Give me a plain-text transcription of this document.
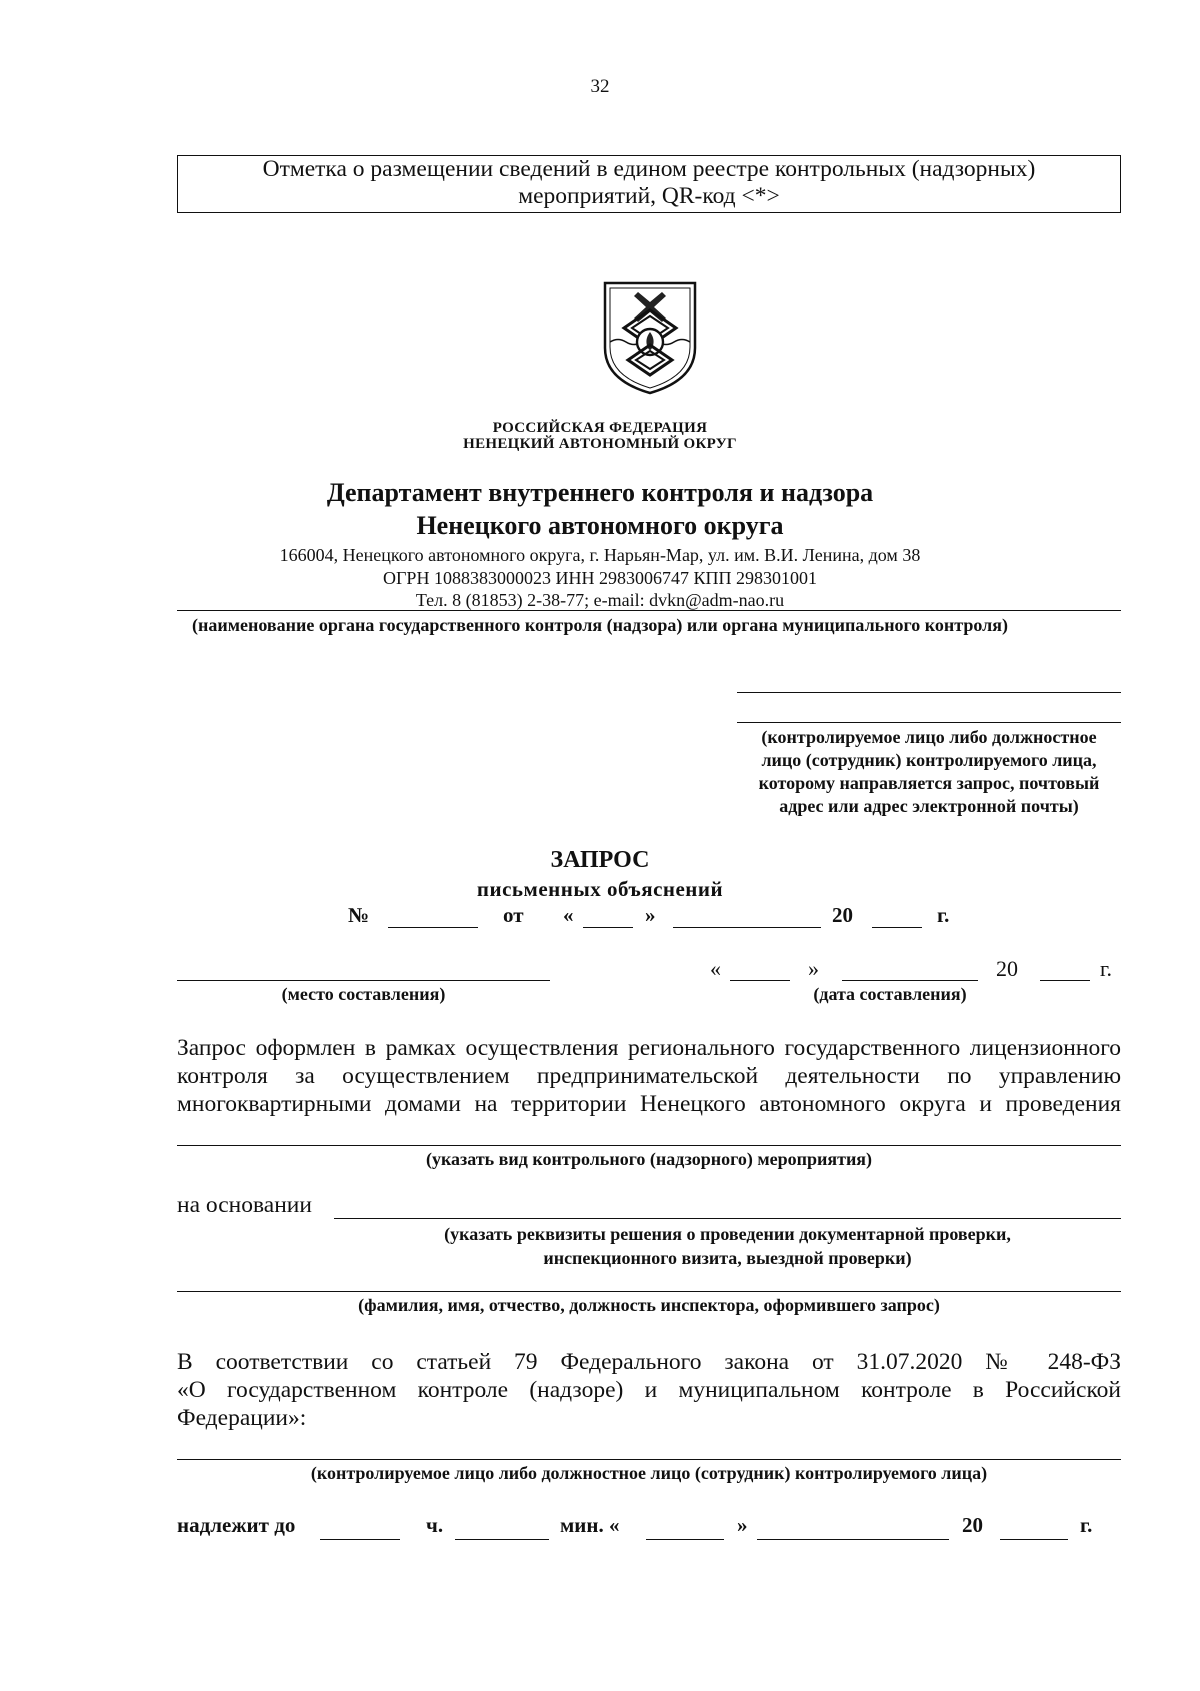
32
Отметка о размещении сведений в едином реестре контрольных (надзорных)
мероприятий, QR-код <*>
РОССИЙСКАЯ ФЕДЕРАЦИЯ
НЕНЕЦКИЙ АВТОНОМНЫЙ ОКРУГ
Департамент внутреннего контроля и надзора
Ненецкого автономного округа
166004, Ненецкого автономного округа, г. Нарьян-Мар, ул. им. В.И. Ленина, дом 38
ОГРН 1088383000023 ИНН 2983006747 КПП 298301001
Тел. 8 (81853) 2-38-77; e-mail: dvkn@adm-nao.ru
(наименование органа государственного контроля (надзора) или органа муниципального контроля)
(контролируемое лицо либо должностное
лицо (сотрудник) контролируемого лица,
которому направляется запрос, почтовый
адрес или адрес электронной почты)
ЗАПРОС
письменных объяснений
№	от «	»	20	г.
(место составления)
«	»	20	г.
(дата составления)
Запрос оформлен в рамках осуществления регионального государственного лицензионного
контроля за осуществлением предпринимательской деятельности по управлению
многоквартирными домами на территории Ненецкого автономного округа и проведения
(указать вид контрольного (надзорного) мероприятия)
на основании
(указать реквизиты решения о проведении документарной проверки,
инспекционного визита, выездной проверки)
(фамилия, имя, отчество, должность инспектора, оформившего запрос)
В соответствии со статьей 79 Федерального закона от 31.07.2020 № 248-ФЗ
«О государственном контроле (надзоре) и муниципальном контроле в Российской
Федерации»:
(контролируемое лицо либо должностное лицо (сотрудник) контролируемого лица)
надлежит до	ч.	мин. «	»	20	г.
